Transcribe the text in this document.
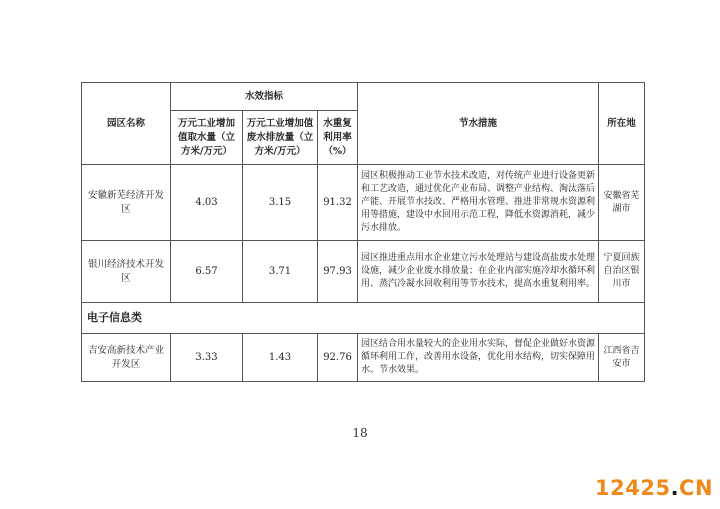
园区名称	水效指标			节水措施	所在地
	万元工业增加值取水量（立方米/万元）	万元工业增加值废水排放量（立方米/万元）	水重复利用率（%）		
安徽新芜经济开发区	4.03	3.15	91.32	园区积极推动工业节水技术改造，对传统产业进行设备更新和工艺改造，通过优化产业布局、调整产业结构、淘汰落后产能、开展节水技改、严格用水管理、推进非常规水资源利用等措施，建设中水回用示范工程，降低水资源消耗，减少污水排放。	安徽省芜湖市
银川经济技术开发区	6.57	3.71	97.93	园区推进重点用水企业建立污水处理站与建设高盐废水处理设施，减少企业废水排放量；在企业内部实施冷却水循环利用、蒸汽冷凝水回收利用等节水技术，提高水重复利用率。	宁夏回族自治区银川市
电子信息类					
吉安高新技术产业开发区	3.33	1.43	92.76	园区结合用水量较大的企业用水实际，督促企业做好水资源循环利用工作，改善用水设备，优化用水结构，切实保障用水、节水效果。	江西省吉安市
18
12425.CN
